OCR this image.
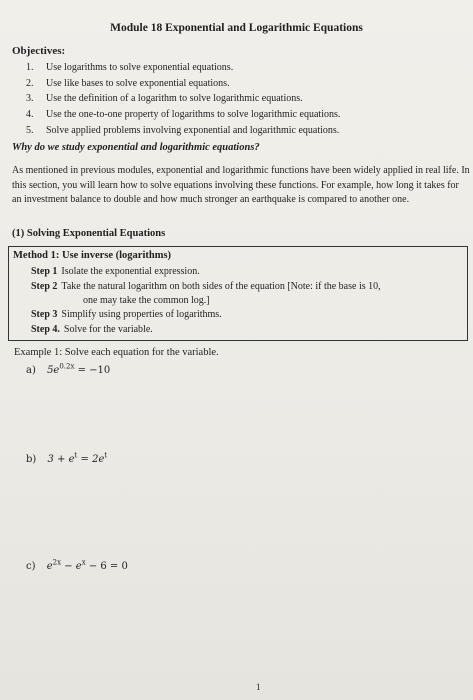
Module 18 Exponential and Logarithmic Equations
Objectives:
1.	Use logarithms to solve exponential equations.
2.	Use like bases to solve exponential equations.
3.	Use the definition of a logarithm to solve logarithmic equations.
4.	Use the one-to-one property of logarithms to solve logarithmic equations.
5.	Solve applied problems involving exponential and logarithmic equations.
Why do we study exponential and logarithmic equations?
As mentioned in previous modules, exponential and logarithmic functions have been widely applied in real life. In this section, you will learn how to solve equations involving these functions. For example, how long it takes for an investment balance to double and how much stronger an earthquake is compared to another one.
(1) Solving Exponential Equations
Method 1: Use inverse (logarithms)
Step 1 Isolate the exponential expression.
Step 2 Take the natural logarithm on both sides of the equation [Note: if the base is 10,
one may take the common log.]
Step 3 Simplify using properties of logarithms.
Step 4. Solve for the variable.
Example 1: Solve each equation for the variable.
a) $5e^{0.2x} = -10$
b) $3 + e^t = 2e^t$
c) $e^{2x} - e^x - 6 = 0$
1
